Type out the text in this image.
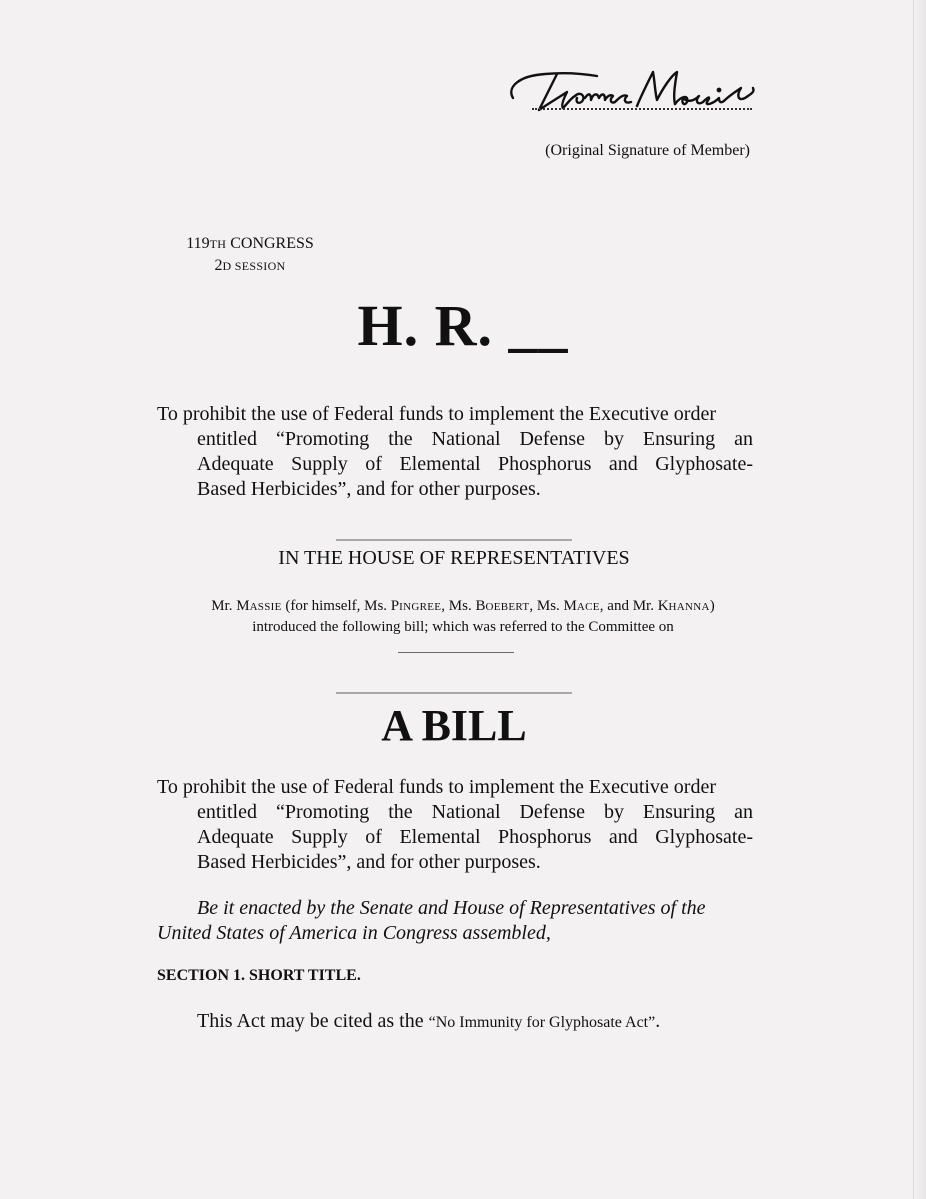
(Original Signature of Member)
119TH CONGRESS
2D SESSION
H. R. __

To prohibit the use of Federal funds to implement the Executive order

entitled “Promoting the National Defense by Ensuring an

Adequate Supply of Elemental Phosphorus and Glyphosate-

Based Herbicides”, and for other purposes.

IN THE HOUSE OF REPRESENTATIVES
Mr. MASSIE (for himself, Ms. PINGREE, Ms. BOEBERT, Ms. MACE, and Mr. KHANNA)
introduced the following bill; which was referred to the Committee on
A BILL

To prohibit the use of Federal funds to implement the Executive order

entitled “Promoting the National Defense by Ensuring an

Adequate Supply of Elemental Phosphorus and Glyphosate-

Based Herbicides”, and for other purposes.

Be it enacted by the Senate and House of Representatives of the

United States of America in Congress assembled,

SECTION 1. SHORT TITLE.
This Act may be cited as the “No Immunity for Glyphosate Act”.
